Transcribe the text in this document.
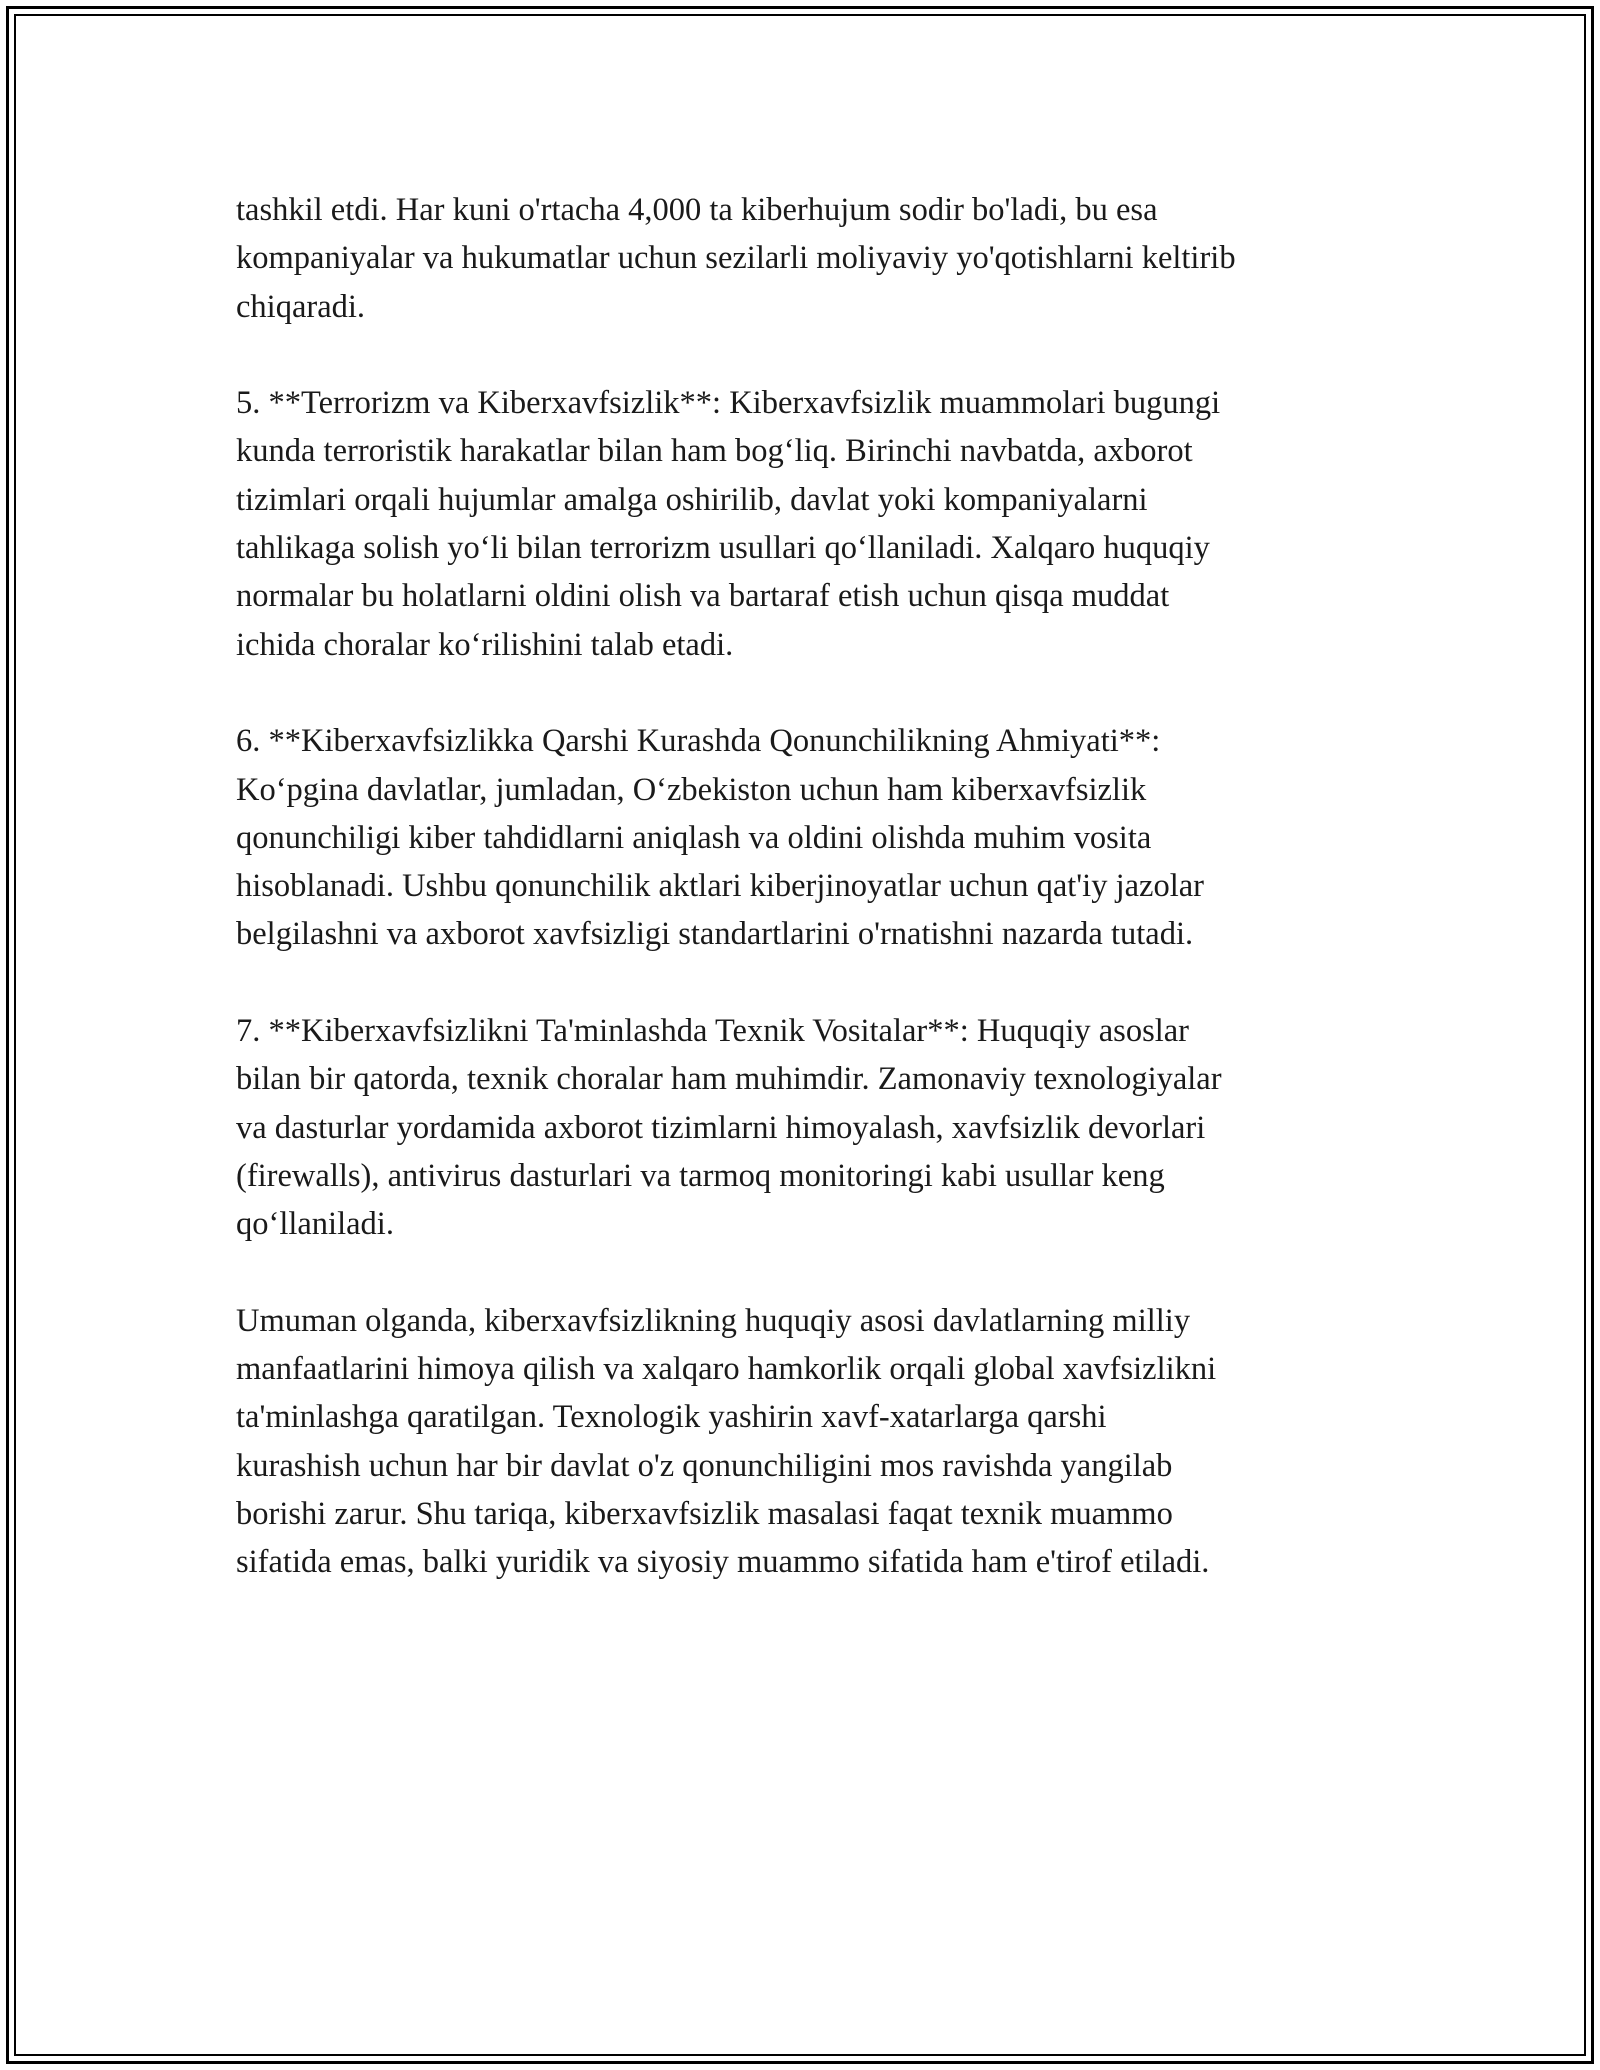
tashkil etdi. Har kuni o'rtacha 4,000 ta kiberhujum sodir bo'ladi, bu esa
kompaniyalar va hukumatlar uchun sezilarli moliyaviy yo'qotishlarni keltirib
chiqaradi.

5. **Terrorizm va Kiberxavfsizlik**: Kiberxavfsizlik muammolari bugungi
kunda terroristik harakatlar bilan ham bog‘liq. Birinchi navbatda, axborot
tizimlari orqali hujumlar amalga oshirilib, davlat yoki kompaniyalarni
tahlikaga solish yo‘li bilan terrorizm usullari qo‘llaniladi. Xalqaro huquqiy
normalar bu holatlarni oldini olish va bartaraf etish uchun qisqa muddat
ichida choralar ko‘rilishini talab etadi.

6. **Kiberxavfsizlikka Qarshi Kurashda Qonunchilikning Ahmiyati**:
Ko‘pgina davlatlar, jumladan, O‘zbekiston uchun ham kiberxavfsizlik
qonunchiligi kiber tahdidlarni aniqlash va oldini olishda muhim vosita
hisoblanadi. Ushbu qonunchilik aktlari kiberjinoyatlar uchun qat'iy jazolar
belgilashni va axborot xavfsizligi standartlarini o'rnatishni nazarda tutadi.

7. **Kiberxavfsizlikni Ta'minlashda Texnik Vositalar**: Huquqiy asoslar
bilan bir qatorda, texnik choralar ham muhimdir. Zamonaviy texnologiyalar
va dasturlar yordamida axborot tizimlarni himoyalash, xavfsizlik devorlari
(firewalls), antivirus dasturlari va tarmoq monitoringi kabi usullar keng
qo‘llaniladi.

Umuman olganda, kiberxavfsizlikning huquqiy asosi davlatlarning milliy
manfaatlarini himoya qilish va xalqaro hamkorlik orqali global xavfsizlikni
ta'minlashga qaratilgan. Texnologik yashirin xavf-xatarlarga qarshi
kurashish uchun har bir davlat o'z qonunchiligini mos ravishda yangilab
borishi zarur. Shu tariqa, kiberxavfsizlik masalasi faqat texnik muammo
sifatida emas, balki yuridik va siyosiy muammo sifatida ham e'tirof etiladi.
